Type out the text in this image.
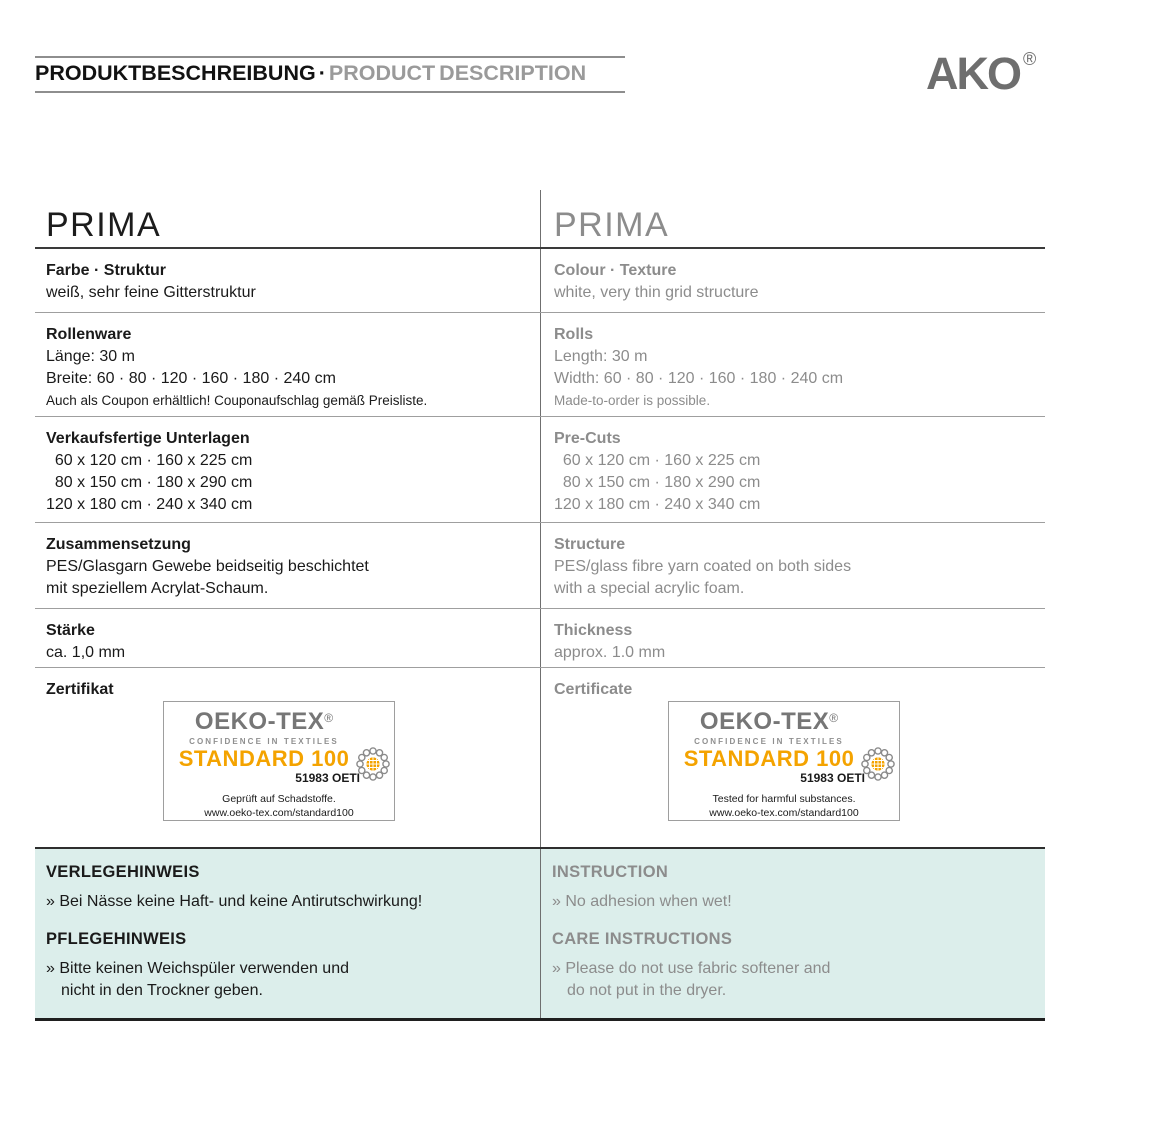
PRODUKTBESCHREIBUNG · PRODUCT DESCRIPTION	AKO ®
PRIMA	PRIMA
Farbe · Struktur
weiß, sehr feine Gitterstruktur
Colour · Texture
white, very thin grid structure
Rollenware
Länge: 30 m
Breite: 60 · 80 · 120 · 160 · 180 · 240 cm
Auch als Coupon erhältlich! Couponaufschlag gemäß Preisliste.
Rolls
Length: 30 m
Width: 60 · 80 · 120 · 160 · 180 · 240 cm
Made-to-order is possible.
Verkaufsfertige Unterlagen
60 x 120 cm · 160 x 225 cm
80 x 150 cm · 180 x 290 cm
120 x 180 cm · 240 x 340 cm
Pre-Cuts
60 x 120 cm · 160 x 225 cm
80 x 150 cm · 180 x 290 cm
120 x 180 cm · 240 x 340 cm
Zusammensetzung
PES/Glasgarn Gewebe beidseitig beschichtet
mit speziellem Acrylat-Schaum.
Structure
PES/glass fibre yarn coated on both sides
with a special acrylic foam.
Stärke
ca. 1,0 mm
Thickness
approx. 1.0 mm
Zertifikat
OEKO-TEX®
CONFIDENCE IN TEXTILES
STANDARD 100
51983 OETI
Geprüft auf Schadstoffe.
www.oeko-tex.com/standard100
Certificate
OEKO-TEX®
CONFIDENCE IN TEXTILES
STANDARD 100
51983 OETI
Tested for harmful substances.
www.oeko-tex.com/standard100
VERLEGEHINWEIS
» Bei Nässe keine Haft- und keine Antirutschwirkung!
PFLEGEHINWEIS
» Bitte keinen Weichspüler verwenden und
nicht in den Trockner geben.
INSTRUCTION
» No adhesion when wet!
CARE INSTRUCTIONS
» Please do not use fabric softener and
do not put in the dryer.
